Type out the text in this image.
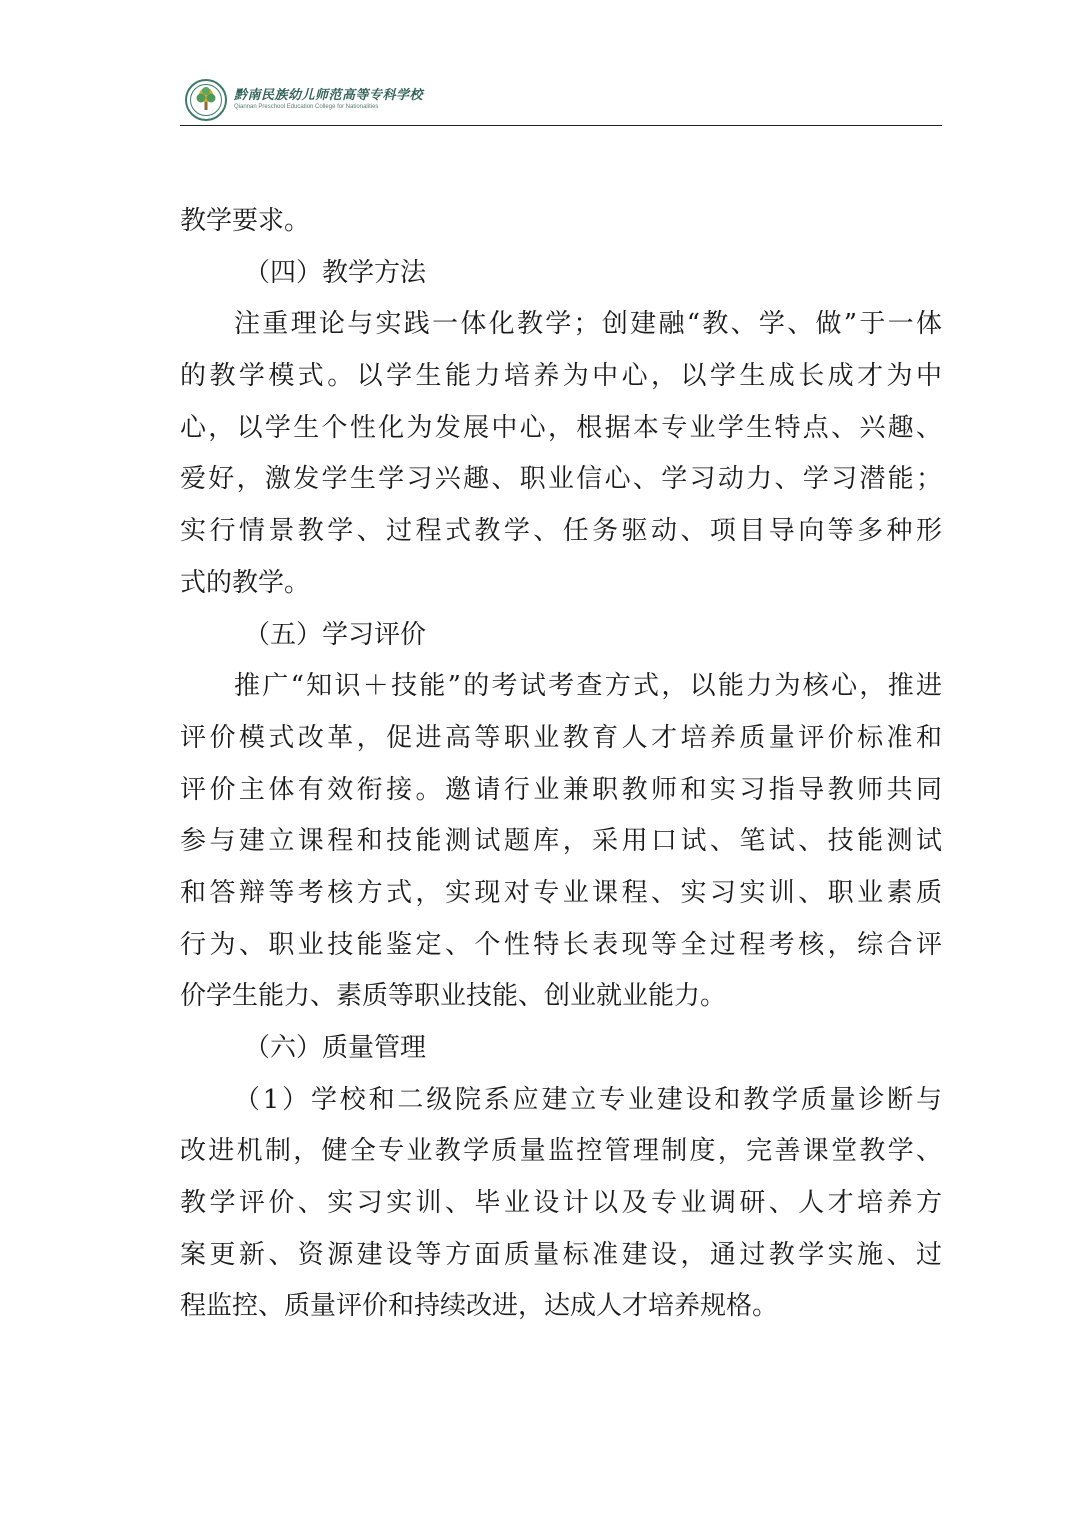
黔南民族幼儿师范高等专科学校
Qiannan Preschool Education College for Nationalities
教学要求。
（四）教学方法
注重理论与实践一体化教学；创建融“教、学、做”于一体
的教学模式。以学生能力培养为中心，以学生成长成才为中
心，以学生个性化为发展中心，根据本专业学生特点、兴趣、
爱好，激发学生学习兴趣、职业信心、学习动力、学习潜能；
实行情景教学、过程式教学、任务驱动、项目导向等多种形
式的教学。
（五）学习评价
推广“知识＋技能”的考试考查方式，以能力为核心，推进
评价模式改革，促进高等职业教育人才培养质量评价标准和
评价主体有效衔接。邀请行业兼职教师和实习指导教师共同
参与建立课程和技能测试题库，采用口试、笔试、技能测试
和答辩等考核方式，实现对专业课程、实习实训、职业素质
行为、职业技能鉴定、个性特长表现等全过程考核，综合评
价学生能力、素质等职业技能、创业就业能力。
（六）质量管理
（1）学校和二级院系应建立专业建设和教学质量诊断与
改进机制，健全专业教学质量监控管理制度，完善课堂教学、
教学评价、实习实训、毕业设计以及专业调研、人才培养方
案更新、资源建设等方面质量标准建设，通过教学实施、过
程监控、质量评价和持续改进，达成人才培养规格。
